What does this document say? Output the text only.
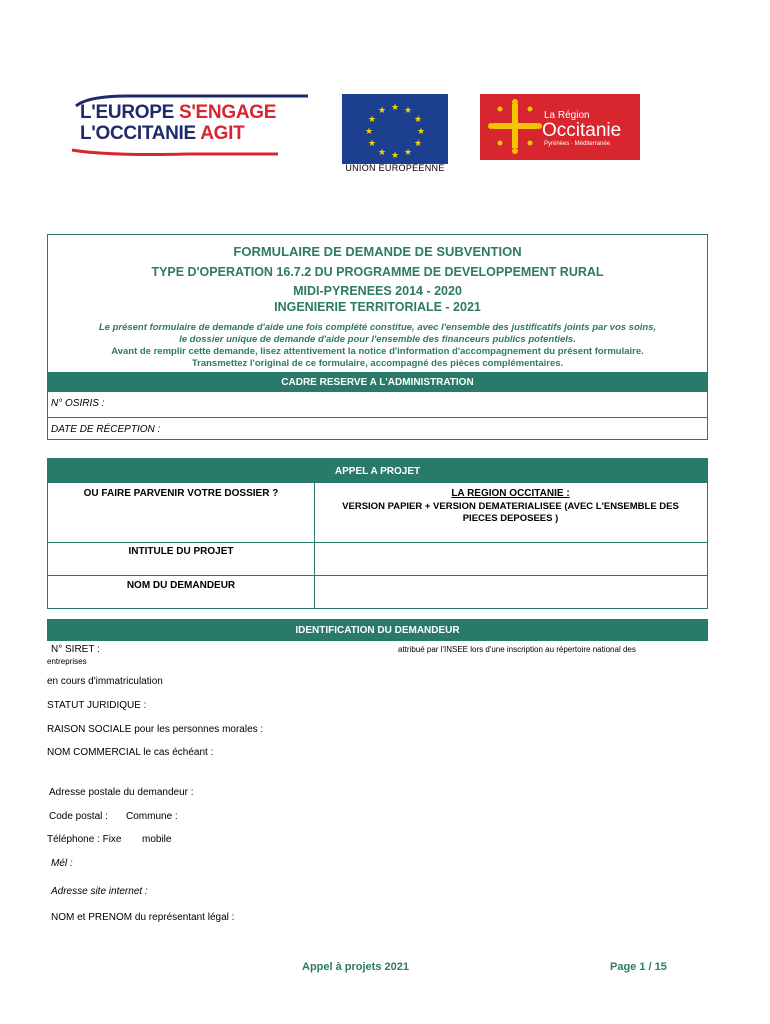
L'EUROPE S'ENGAGE
L'OCCITANIE AGIT
★ ★
★
★
★
★
★
★
★
★
★
★
UNION EUROPÉENNE
La Région
Occitanie
Pyrénées · Méditerranée
FORMULAIRE DE DEMANDE DE SUBVENTION
TYPE D'OPERATION 16.7.2 DU PROGRAMME DE DEVELOPPEMENT RURAL
MIDI-PYRENEES 2014 - 2020
INGENIERIE TERRITORIALE - 2021
Le présent formulaire de demande d'aide une fois complété constitue, avec l'ensemble des justificatifs joints par vos soins,
le dossier unique de demande d'aide pour l'ensemble des financeurs publics potentiels.
Avant de remplir cette demande, lisez attentivement la notice d'information d'accompagnement du présent formulaire.
Transmettez l'original de ce formulaire, accompagné des pièces complémentaires.
CADRE RESERVE A L'ADMINISTRATION
N° OSIRIS :
DATE DE RÉCEPTION :
APPEL A PROJET
OU FAIRE PARVENIR VOTRE DOSSIER ?	LA REGION OCCITANIE :
VERSION PAPIER + VERSION DEMATERIALISEE (AVEC L'ENSEMBLE DES
PIECES DEPOSEES )
INTITULE DU PROJET
NOM DU DEMANDEUR
IDENTIFICATION DU DEMANDEUR
N° SIRET :	attribué par l'INSEE lors d'une inscription au répertoire national des
entreprises
en cours d'immatriculation
STATUT JURIDIQUE :
RAISON SOCIALE pour les personnes morales :
NOM COMMERCIAL le cas échéant :
Adresse postale du demandeur :
Code postal : Commune :
Téléphone : Fixe mobile
Mél :
Adresse site internet :
NOM et PRENOM du représentant légal :
Appel à projets 2021	Page 1 / 15
